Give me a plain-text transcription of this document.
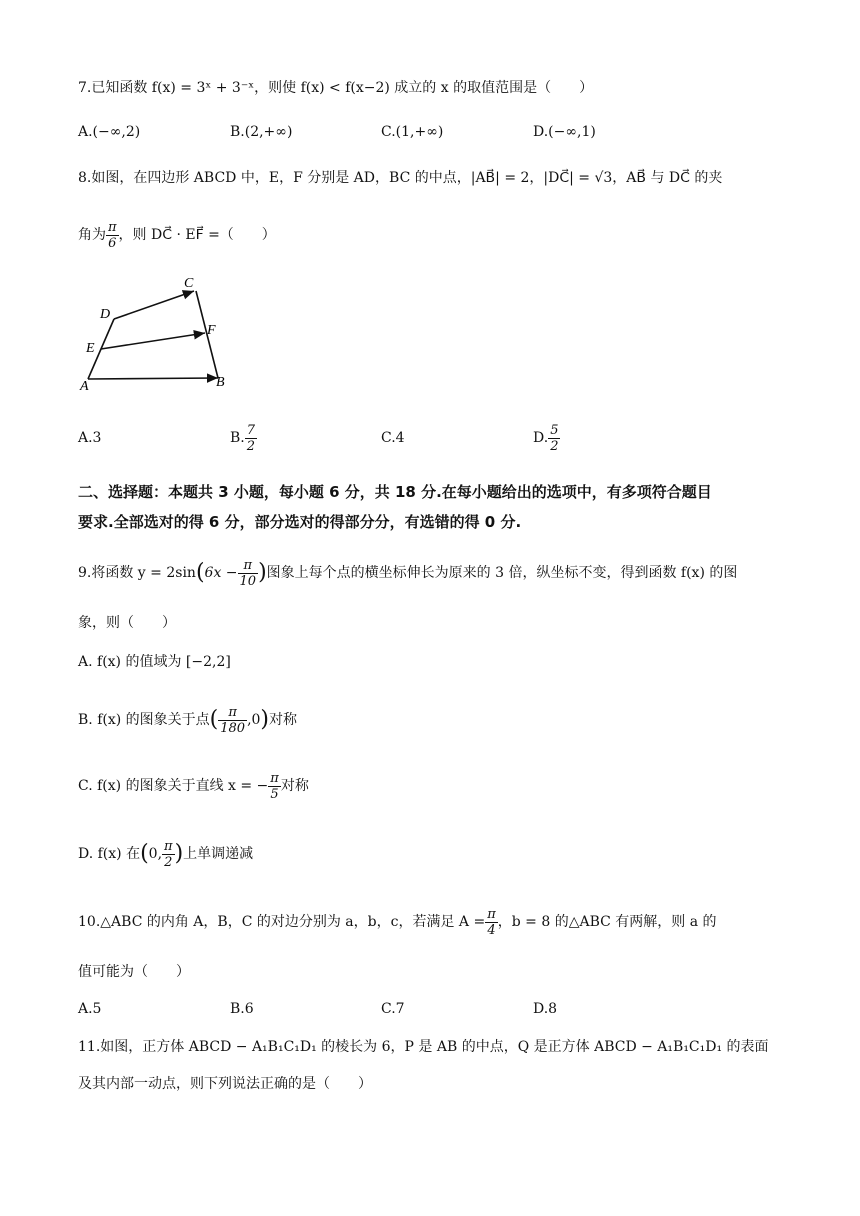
7.已知函数 f(x) = 3ˣ + 3⁻ˣ，则使 f(x) < f(x−2) 成立的 x 的取值范围是（　　）
A.(−∞,2)	B.(2,+∞)	C.(1,+∞)	D.(−∞,1)
8.如图，在四边形 ABCD 中，E，F 分别是 AD，BC 的中点，|AB⃗| = 2，|DC⃗| = √3，AB⃗ 与 DC⃗ 的夹
角为 $\frac{\pi}{6}$ ，则 DC⃗ · EF⃗ =（　　）
C
D
F
E
A	B
A.3	B. $\frac{7}{2}$	C.4	D. $\frac{5}{2}$
二、选择题：本题共 3 小题，每小题 6 分，共 18 分.在每小题给出的选项中，有多项符合题目
要求.全部选对的得 6 分，部分选对的得部分分，有选错的得 0 分.
9.将函数 $y = 2\sin(6x - \frac{\pi}{10}$ )图象上每个点的横坐标伸长为原来的 3 倍，纵坐标不变，得到函数 f(x) 的图
象，则（　　）
A. f(x) 的值域为 [−2,2]
B. f(x) 的图象关于点( $\frac{\pi}{180} ,0$)对称
C. f(x) 的图象关于直线 x = − $\frac{\pi}{5}$ 对称
D. f(x) 在(0, $\frac{\pi}{2}$ )上单调递减
10.△ABC 的内角 A，B，C 的对边分别为 a，b，c，若满足 $A = \frac{\pi}{4}$ ，b = 8 的△ABC 有两解，则 a 的
值可能为（　　）
A.5	B.6	C.7	D.8
11.如图，正方体 ABCD − A₁B₁C₁D₁ 的棱长为 6，P 是 AB 的中点，Q 是正方体 ABCD − A₁B₁C₁D₁ 的表面
及其内部一动点，则下列说法正确的是（　　）
